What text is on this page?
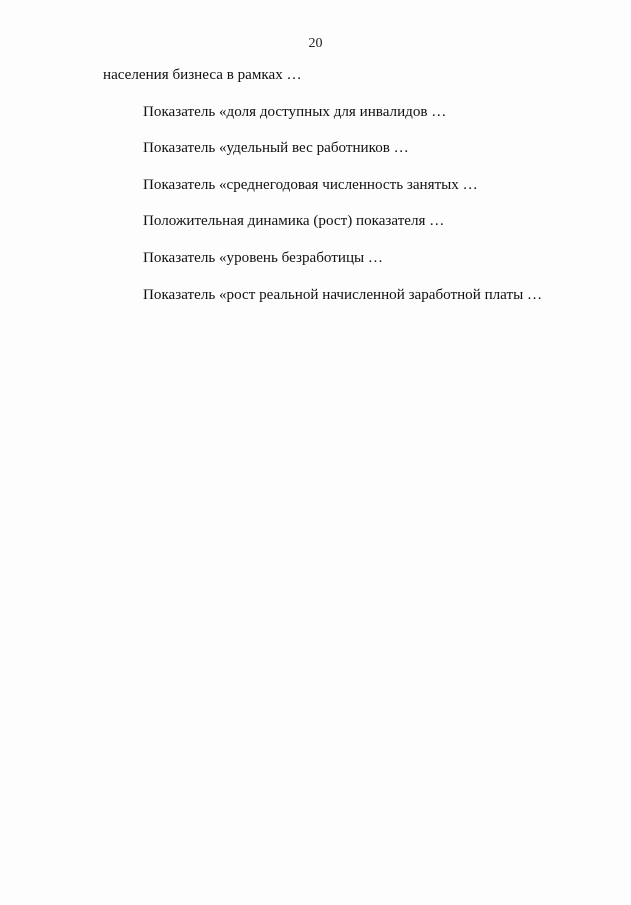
20

населения бизнеса в рамках …

Показатель «доля доступных для инвалидов …

Показатель «удельный вес работников …

Показатель «среднегодовая численность занятых …

Положительная динамика (рост) показателя …

Показатель «уровень безработицы …

Показатель «рост реальной начисленной заработной платы …
